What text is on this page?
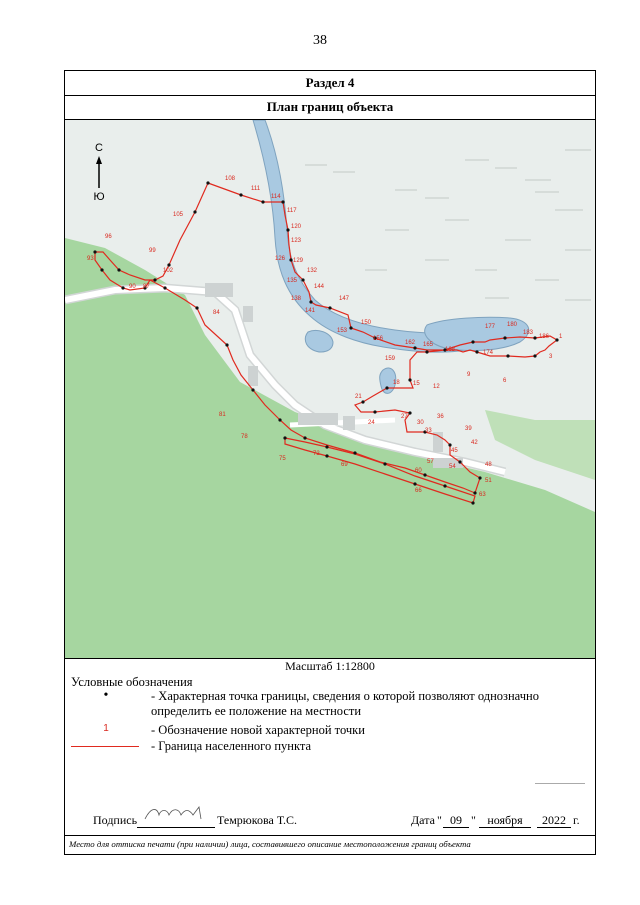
38
Раздел 4
План границ объекта
С
Ю
108
111
114
117
105
120
123
96
126 129
99
132
93
135
102
144
90 87
138	147
141
84
150
153
177 180
183
186
156
162 165
168
1
159
174
3
9
6
18 15 12
21
27
30
36
24
33	39
81
42
78
45
57	48
54
75
72
69
51
60
66
63
Масштаб 1:12800
Условные обозначения
•	- Характерная точка границы, сведения о которой позволяют однозначно определить ее положение на местности
1	- Обозначение новой характерной точки
- Граница населенного пункта
Подпись	Темрюкова Т.С.	Дата " 09 " ноября	2022 г.
Место для оттиска печати (при наличии) лица, составившего описание местоположения границ объекта
